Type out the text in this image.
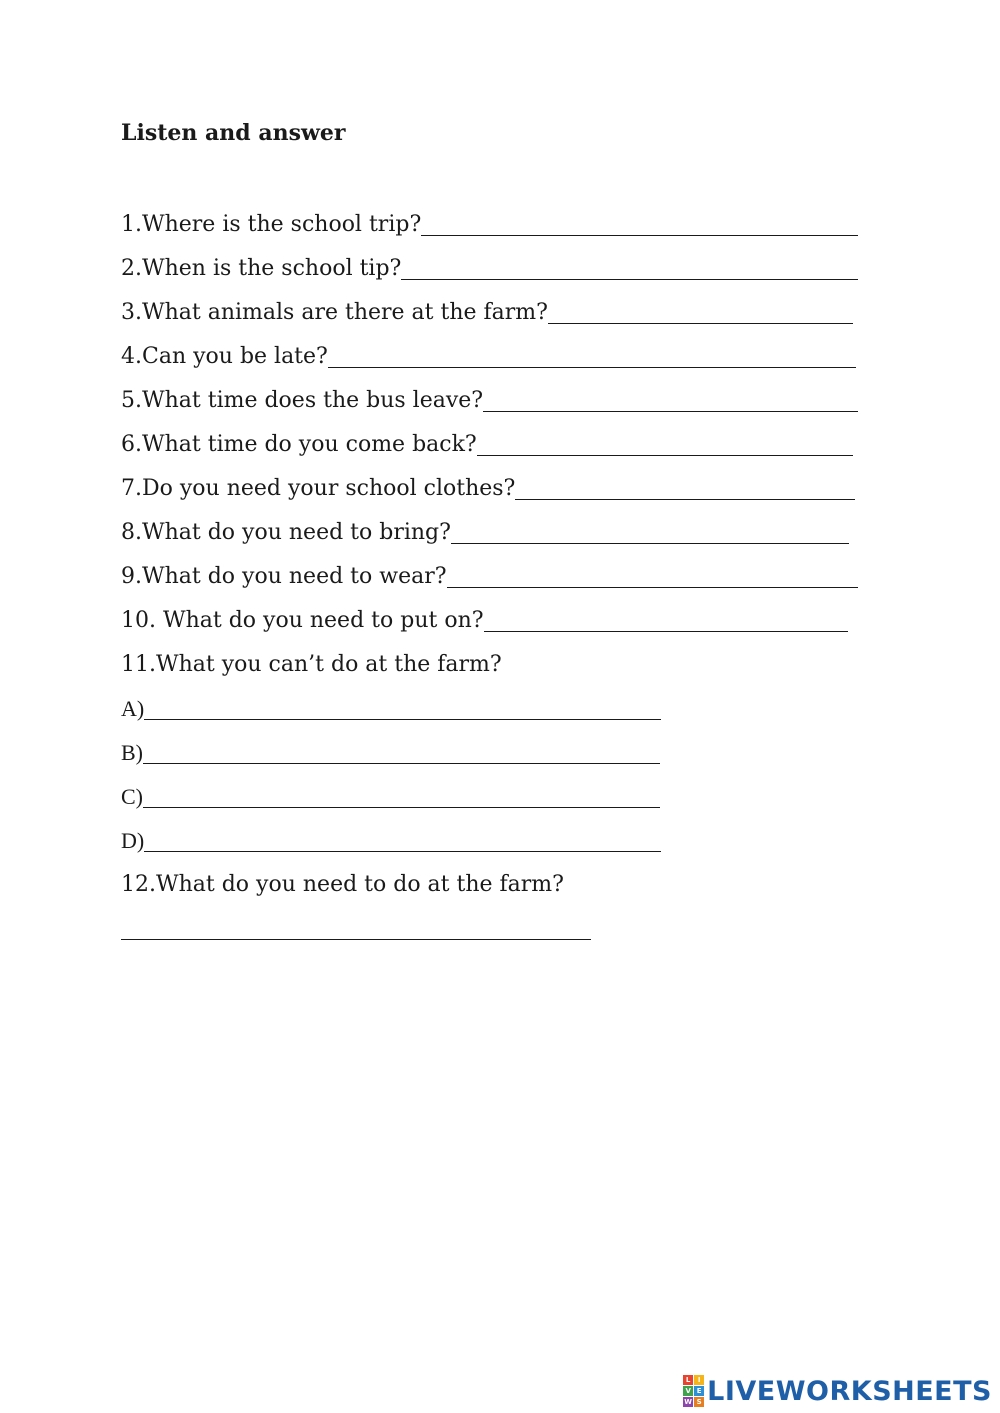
Listen and answer
1.Where is the school trip?
2.When is the school tip?
3.What animals are there at the farm?
4.Can you be late?
5.What time does the bus leave?
6.What time do you come back?
7.Do you need your school clothes?
8.What do you need to bring?
9.What do you need to wear?
10. What do you need to put on?
11.What you can’t do at the farm?
A)
B)
C)
D)
12.What do you need to do at the farm?
L	I
V E
W S LIVEWORKSHEETS
